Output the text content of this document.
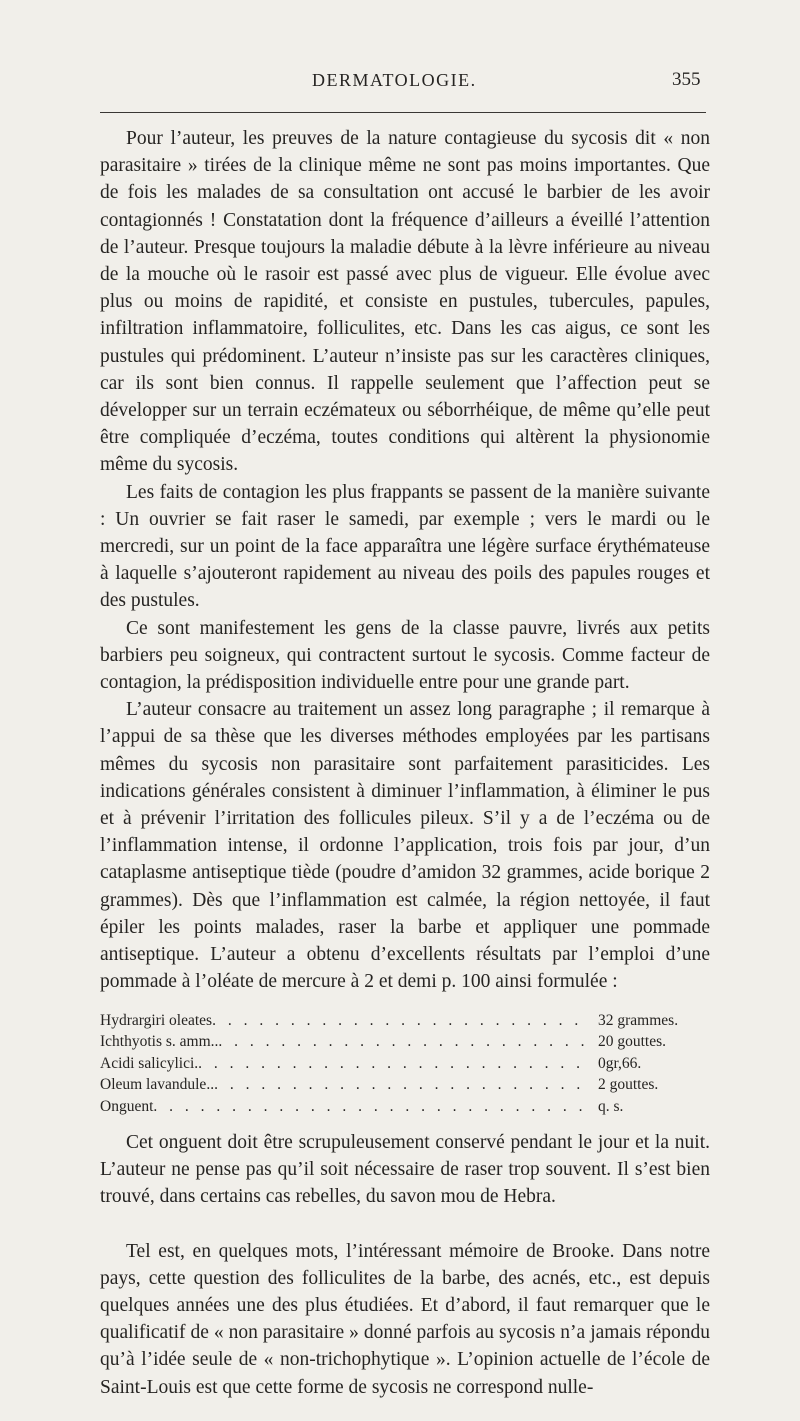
DERMATOLOGIE.	355

Pour l’auteur, les preuves de la nature contagieuse du sycosis dit « non parasitaire » tirées de la clinique même ne sont pas moins importantes. Que de fois les malades de sa consultation ont accusé le barbier de les avoir contagionnés ! Constatation dont la fréquence d’ailleurs a éveillé l’attention de l’auteur. Presque toujours la maladie débute à la lèvre inférieure au niveau de la mouche où le rasoir est passé avec plus de vigueur. Elle évolue avec plus ou moins de rapidité, et consiste en pustules, tubercules, papules, infiltration inflammatoire, folliculites, etc. Dans les cas aigus, ce sont les pustules qui prédominent. L’auteur n’insiste pas sur les caractères cliniques, car ils sont bien connus. Il rappelle seulement que l’affection peut se développer sur un terrain eczémateux ou séborrhéique, de même qu’elle peut être compliquée d’eczéma, toutes conditions qui altèrent la physionomie même du sycosis.

Les faits de contagion les plus frappants se passent de la manière suivante : Un ouvrier se fait raser le samedi, par exemple ; vers le mardi ou le mercredi, sur un point de la face apparaîtra une légère surface érythémateuse à laquelle s’ajouteront rapidement au niveau des poils des papules rouges et des pustules.

Ce sont manifestement les gens de la classe pauvre, livrés aux petits barbiers peu soigneux, qui contractent surtout le sycosis. Comme facteur de contagion, la prédisposition individuelle entre pour une grande part.

L’auteur consacre au traitement un assez long paragraphe ; il remarque à l’appui de sa thèse que les diverses méthodes employées par les partisans mêmes du sycosis non parasitaire sont parfaitement parasiticides. Les indications générales consistent à diminuer l’inflammation, à éliminer le pus et à prévenir l’irritation des follicules pileux. S’il y a de l’eczéma ou de l’inflammation intense, il ordonne l’application, trois fois par jour, d’un cataplasme antiseptique tiède (poudre d’amidon 32 grammes, acide borique 2 grammes). Dès que l’inflammation est calmée, la région nettoyée, il faut épiler les points malades, raser la barbe et appliquer une pommade antiseptique. L’auteur a obtenu d’excellents résultats par l’emploi d’une pommade à l’oléate de mercure à 2 et demi p. 100 ainsi formulée :

Hydrargiri oleates . . .	32 grammes.
Ichthyotis s. amm.. . . .	20 gouttes.
Acidi salicylici. . . .	0gr,66.
Oleum lavandule.. . . .	2 gouttes.
Onguent . . .	q. s.

Cet onguent doit être scrupuleusement conservé pendant le jour et la nuit. L’auteur ne pense pas qu’il soit nécessaire de raser trop souvent. Il s’est bien trouvé, dans certains cas rebelles, du savon mou de Hebra.

Tel est, en quelques mots, l’intéressant mémoire de Brooke. Dans notre pays, cette question des folliculites de la barbe, des acnés, etc., est depuis quelques années une des plus étudiées. Et d’abord, il faut remarquer que le qualificatif de « non parasitaire » donné parfois au sycosis n’a jamais répondu qu’à l’idée seule de « non-trichophytique ». L’opinion actuelle de l’école de Saint-Louis est que cette forme de sycosis ne correspond nulle-
